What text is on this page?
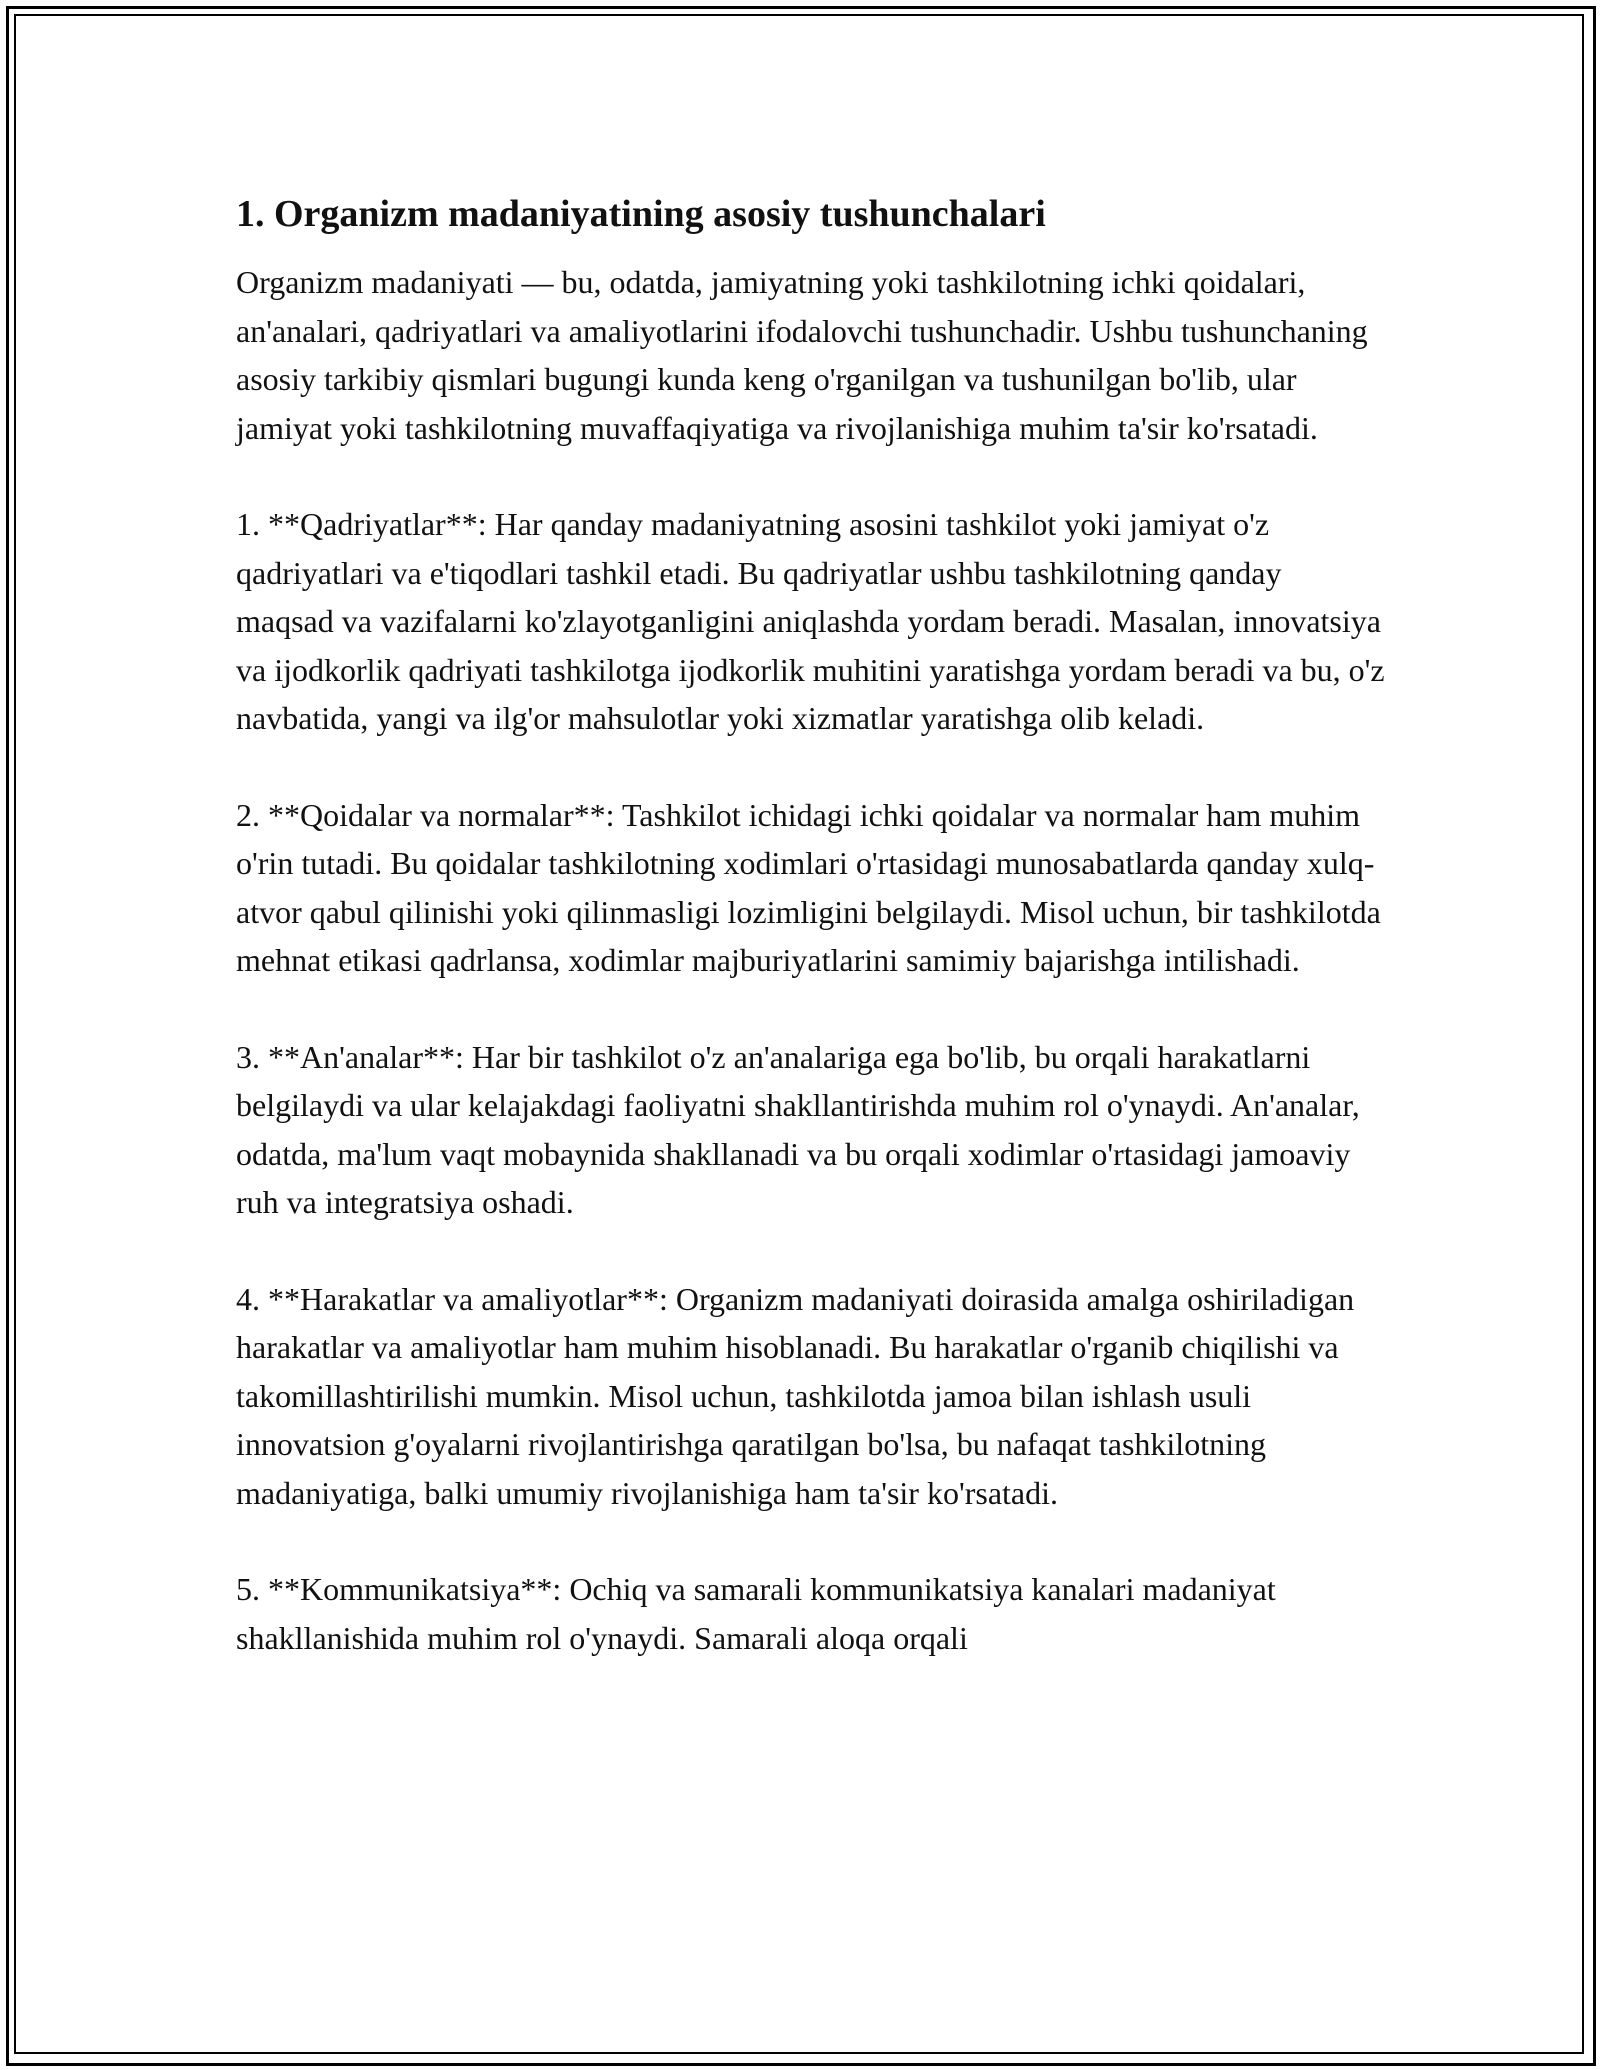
1. Organizm madaniyatining asosiy tushunchalari

Organizm madaniyati — bu, odatda, jamiyatning yoki tashkilotning ichki qoidalari, an'analari, qadriyatlari va amaliyotlarini ifodalovchi tushunchadir. Ushbu tushunchaning asosiy tarkibiy qismlari bugungi kunda keng o'rganilgan va tushunilgan bo'lib, ular jamiyat yoki tashkilotning muvaffaqiyatiga va rivojlanishiga muhim ta'sir ko'rsatadi.

1. **Qadriyatlar**: Har qanday madaniyatning asosini tashkilot yoki jamiyat o'z qadriyatlari va e'tiqodlari tashkil etadi. Bu qadriyatlar ushbu tashkilotning qanday maqsad va vazifalarni ko'zlayotganligini aniqlashda yordam beradi. Masalan, innovatsiya va ijodkorlik qadriyati tashkilotga ijodkorlik muhitini yaratishga yordam beradi va bu, o'z navbatida, yangi va ilg'or mahsulotlar yoki xizmatlar yaratishga olib keladi.

2. **Qoidalar va normalar**: Tashkilot ichidagi ichki qoidalar va normalar ham muhim o'rin tutadi. Bu qoidalar tashkilotning xodimlari o'rtasidagi munosabatlarda qanday xulq-atvor qabul qilinishi yoki qilinmasligi lozimligini belgilaydi. Misol uchun, bir tashkilotda mehnat etikasi qadrlansa, xodimlar majburiyatlarini samimiy bajarishga intilishadi.

3. **An'analar**: Har bir tashkilot o'z an'analariga ega bo'lib, bu orqali harakatlarni belgilaydi va ular kelajakdagi faoliyatni shakllantirishda muhim rol o'ynaydi. An'analar, odatda, ma'lum vaqt mobaynida shakllanadi va bu orqali xodimlar o'rtasidagi jamoaviy ruh va integratsiya oshadi.

4. **Harakatlar va amaliyotlar**: Organizm madaniyati doirasida amalga oshiriladigan harakatlar va amaliyotlar ham muhim hisoblanadi. Bu harakatlar o'rganib chiqilishi va takomillashtirilishi mumkin. Misol uchun, tashkilotda jamoa bilan ishlash usuli innovatsion g'oyalarni rivojlantirishga qaratilgan bo'lsa, bu nafaqat tashkilotning madaniyatiga, balki umumiy rivojlanishiga ham ta'sir ko'rsatadi.

5. **Kommunikatsiya**: Ochiq va samarali kommunikatsiya kanalari madaniyat shakllanishida muhim rol o'ynaydi. Samarali aloqa orqali
